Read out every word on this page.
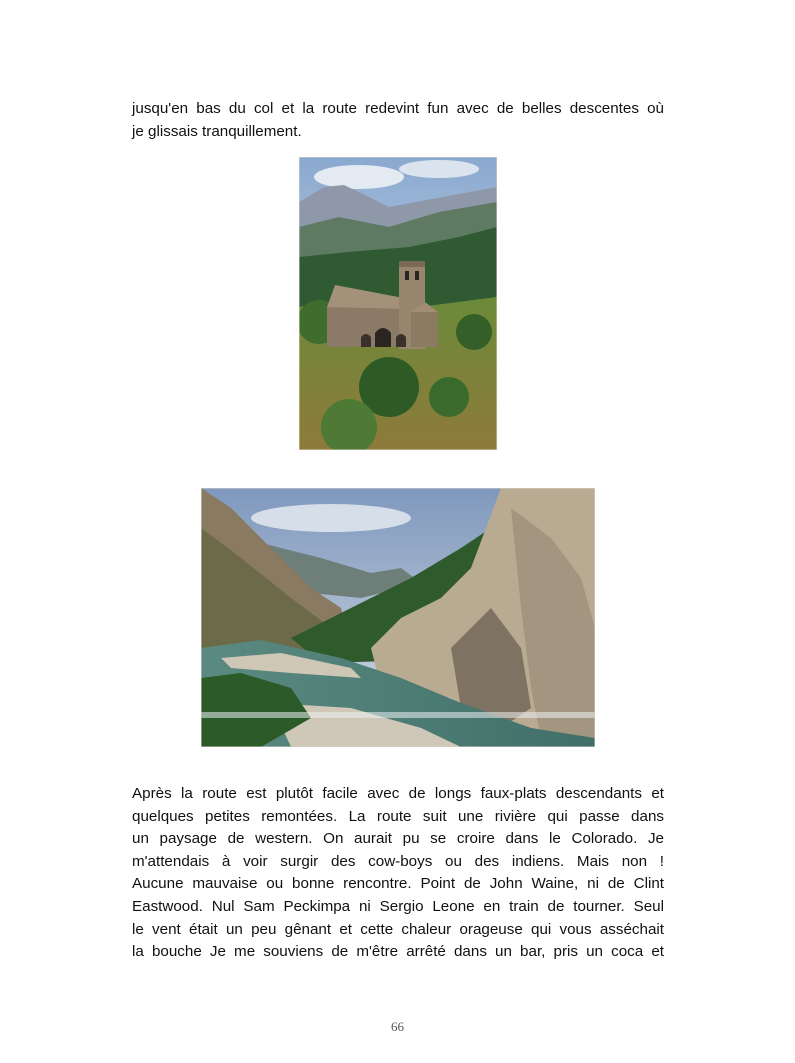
jusqu'en bas du col et la route redevint fun avec de belles descentes où
je glissais tranquillement.
Après la route est plutôt facile avec de longs faux-plats descendants et
quelques petites remontées. La route suit une rivière qui passe dans
un paysage de western. On aurait pu se croire dans le Colorado. Je
m'attendais à voir surgir des cow-boys ou des indiens. Mais non !
Aucune mauvaise ou bonne rencontre. Point de John Waine, ni de Clint
Eastwood. Nul Sam Peckimpa ni Sergio Leone en train de tourner. Seul
le vent était un peu gênant et cette chaleur orageuse qui vous asséchait
la bouche Je me souviens de m'être arrêté dans un bar, pris un coca et
66
